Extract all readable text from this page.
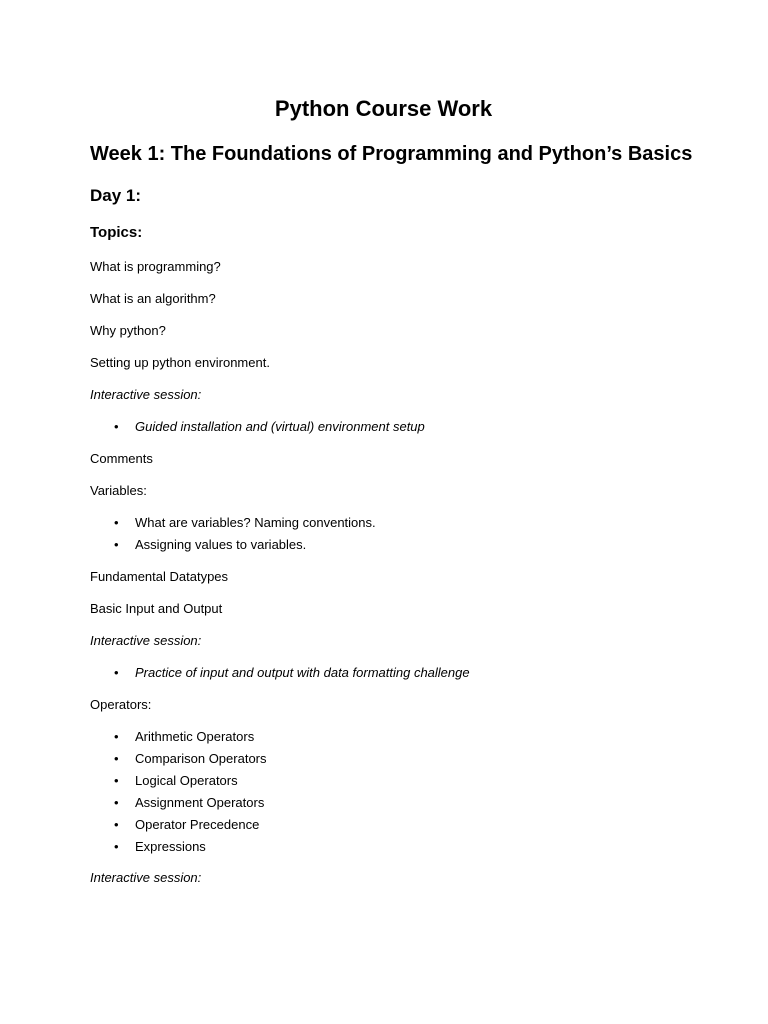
Python Course Work
Week 1: The Foundations of Programming and Python’s Basics
Day 1:
Topics:

What is programming?

What is an algorithm?

Why python?

Setting up python environment.

Interactive session:

• Guided installation and (virtual) environment setup

Comments

Variables:

• What are variables? Naming conventions.
• Assigning values to variables.

Fundamental Datatypes

Basic Input and Output

Interactive session:

• Practice of input and output with data formatting challenge

Operators:

• Arithmetic Operators
• Comparison Operators
• Logical Operators
• Assignment Operators
• Operator Precedence
• Expressions

Interactive session:
